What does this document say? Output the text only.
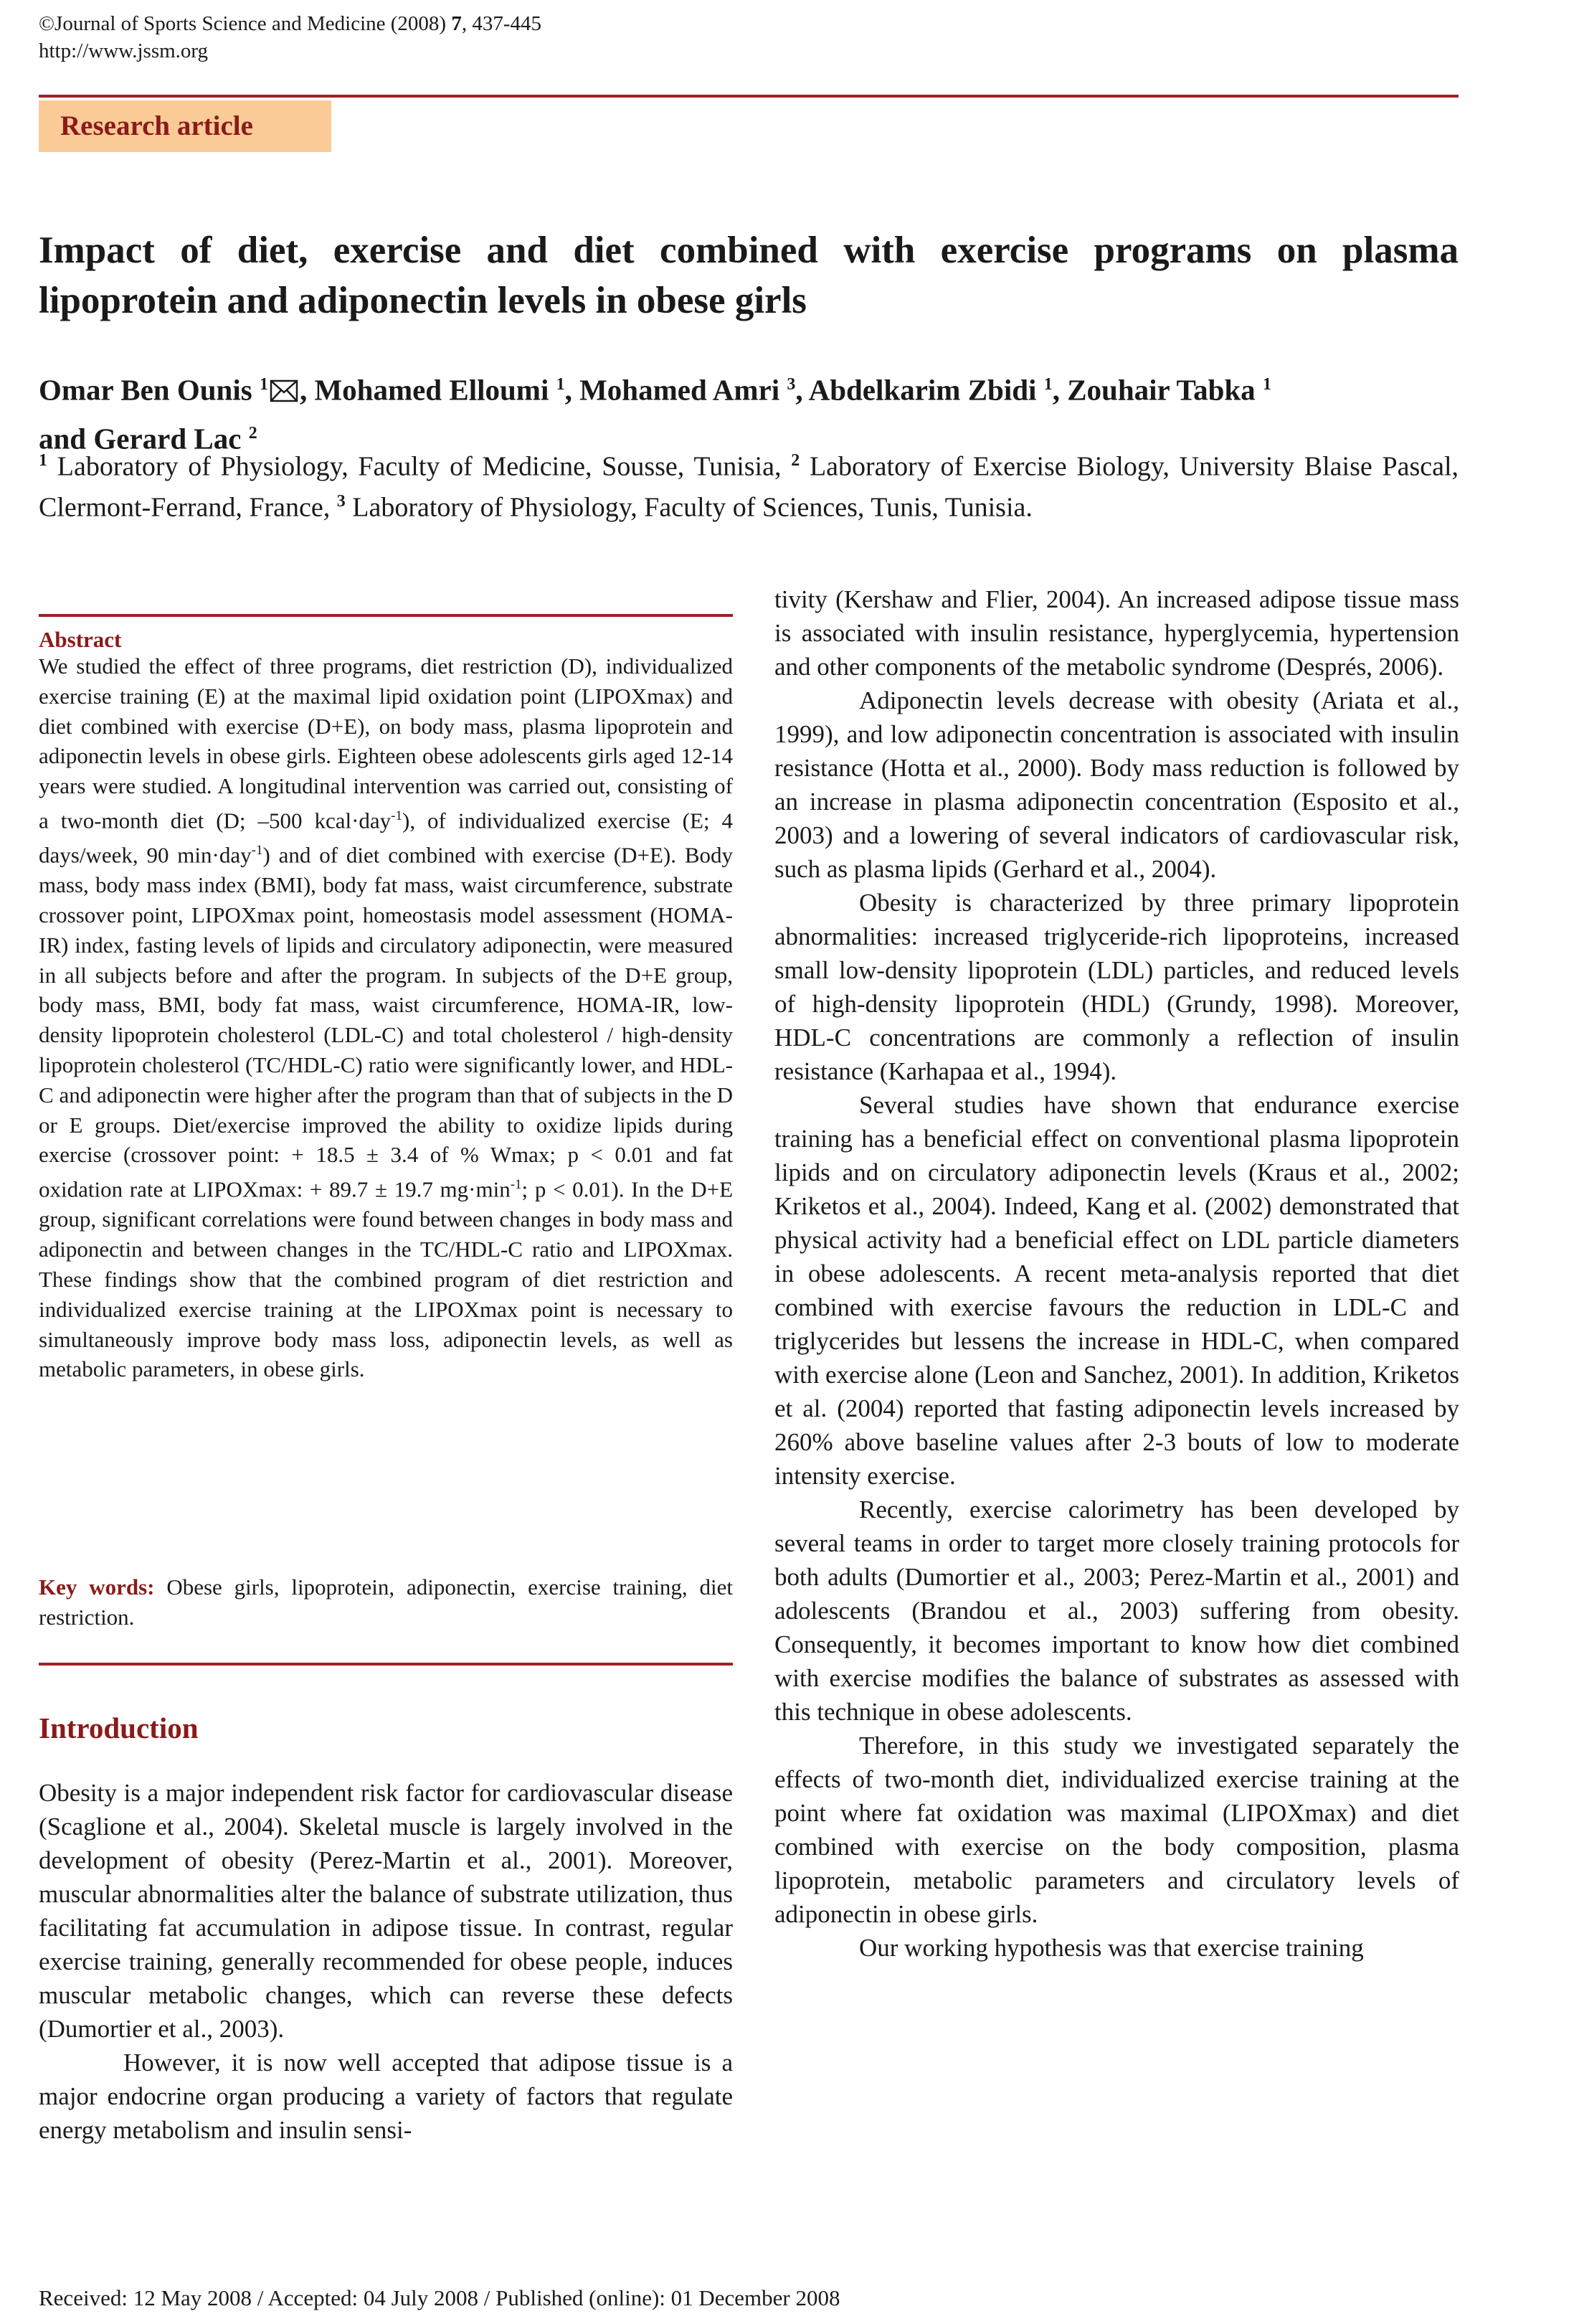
©Journal of Sports Science and Medicine (2008) 7, 437-445
http://www.jssm.org
Research article
Impact of diet, exercise and diet combined with exercise programs on plasma lipoprotein and adiponectin levels in obese girls
Omar Ben Ounis $^1$ , Mohamed Elloumi $^1$, Mohamed Amri $^3$, Abdelkarim Zbidi $^1$, Zouhair Tabka $^1$
and Gerard Lac $^2$
$^1$ Laboratory of Physiology, Faculty of Medicine, Sousse, Tunisia, $^2$ Laboratory of Exercise Biology, University Blaise Pascal, Clermont-Ferrand, France, $^3$ Laboratory of Physiology, Faculty of Sciences, Tunis, Tunisia.
Abstract
We studied the effect of three programs, diet restriction (D), individualized exercise training (E) at the maximal lipid oxidation point (LIPOXmax) and diet combined with exercise (D+E), on body mass, plasma lipoprotein and adiponectin levels in obese girls. Eighteen obese adolescents girls aged 12-14 years were studied. A longitudinal intervention was carried out, consisting of a two-month diet (D; –500 kcal·day$^{-1}$), of individualized exercise (E; 4 days/week, 90 min·day$^{-1}$) and of diet combined with exercise (D+E). Body mass, body mass index (BMI), body fat mass, waist circumference, substrate crossover point, LIPOXmax point, homeostasis model assessment (HOMA-IR) index, fasting levels of lipids and circulatory adiponectin, were measured in all subjects before and after the program. In subjects of the D+E group, body mass, BMI, body fat mass, waist circumference, HOMA-IR, low-density lipoprotein cholesterol (LDL-C) and total cholesterol / high-density lipoprotein cholesterol (TC/HDL-C) ratio were significantly lower, and HDL-C and adiponectin were higher after the program than that of subjects in the D or E groups. Diet/exercise improved the ability to oxidize lipids during exercise (crossover point: + 18.5 ± 3.4 of % Wmax; p < 0.01 and fat oxidation rate at LIPOXmax: + 89.7 ± 19.7 $mg\cdot\min^{-1}$; p < 0.01). In the D+E group, significant correlations were found between changes in body mass and adiponectin and between changes in the TC/HDL-C ratio and LIPOXmax. These findings show that the combined program of diet restriction and individualized exercise training at the LIPOXmax point is necessary to simultaneously improve body mass loss, adiponectin levels, as well as metabolic parameters, in obese girls.
Key words: Obese girls, lipoprotein, adiponectin, exercise training, diet restriction.
Introduction

Obesity is a major independent risk factor for cardiovascular disease (Scaglione et al., 2004). Skeletal muscle is largely involved in the development of obesity (Perez-Martin et al., 2001). Moreover, muscular abnormalities alter the balance of substrate utilization, thus facilitating fat accumulation in adipose tissue. In contrast, regular exercise training, generally recommended for obese people, induces muscular metabolic changes, which can reverse these defects (Dumortier et al., 2003).

However, it is now well accepted that adipose tissue is a major endocrine organ producing a variety of factors that regulate energy metabolism and insulin sensi-

tivity (Kershaw and Flier, 2004). An increased adipose tissue mass is associated with insulin resistance, hyperglycemia, hypertension and other components of the metabolic syndrome (Després, 2006).

Adiponectin levels decrease with obesity (Ariata et al., 1999), and low adiponectin concentration is associated with insulin resistance (Hotta et al., 2000). Body mass reduction is followed by an increase in plasma adiponectin concentration (Esposito et al., 2003) and a lowering of several indicators of cardiovascular risk, such as plasma lipids (Gerhard et al., 2004).

Obesity is characterized by three primary lipoprotein abnormalities: increased triglyceride-rich lipoproteins, increased small low-density lipoprotein (LDL) particles, and reduced levels of high-density lipoprotein (HDL) (Grundy, 1998). Moreover, HDL-C concentrations are commonly a reflection of insulin resistance (Karhapaa et al., 1994).

Several studies have shown that endurance exercise training has a beneficial effect on conventional plasma lipoprotein lipids and on circulatory adiponectin levels (Kraus et al., 2002; Kriketos et al., 2004). Indeed, Kang et al. (2002) demonstrated that physical activity had a beneficial effect on LDL particle diameters in obese adolescents. A recent meta-analysis reported that diet combined with exercise favours the reduction in LDL-C and triglycerides but lessens the increase in HDL-C, when compared with exercise alone (Leon and Sanchez, 2001). In addition, Kriketos et al. (2004) reported that fasting adiponectin levels increased by 260% above baseline values after 2-3 bouts of low to moderate intensity exercise.

Recently, exercise calorimetry has been developed by several teams in order to target more closely training protocols for both adults (Dumortier et al., 2003; Perez-Martin et al., 2001) and adolescents (Brandou et al., 2003) suffering from obesity. Consequently, it becomes important to know how diet combined with exercise modifies the balance of substrates as assessed with this technique in obese adolescents.

Therefore, in this study we investigated separately the effects of two-month diet, individualized exercise training at the point where fat oxidation was maximal (LIPOXmax) and diet combined with exercise on the body composition, plasma lipoprotein, metabolic parameters and circulatory levels of adiponectin in obese girls.

Our working hypothesis was that exercise training

Received: 12 May 2008 / Accepted: 04 July 2008 / Published (online): 01 December 2008
